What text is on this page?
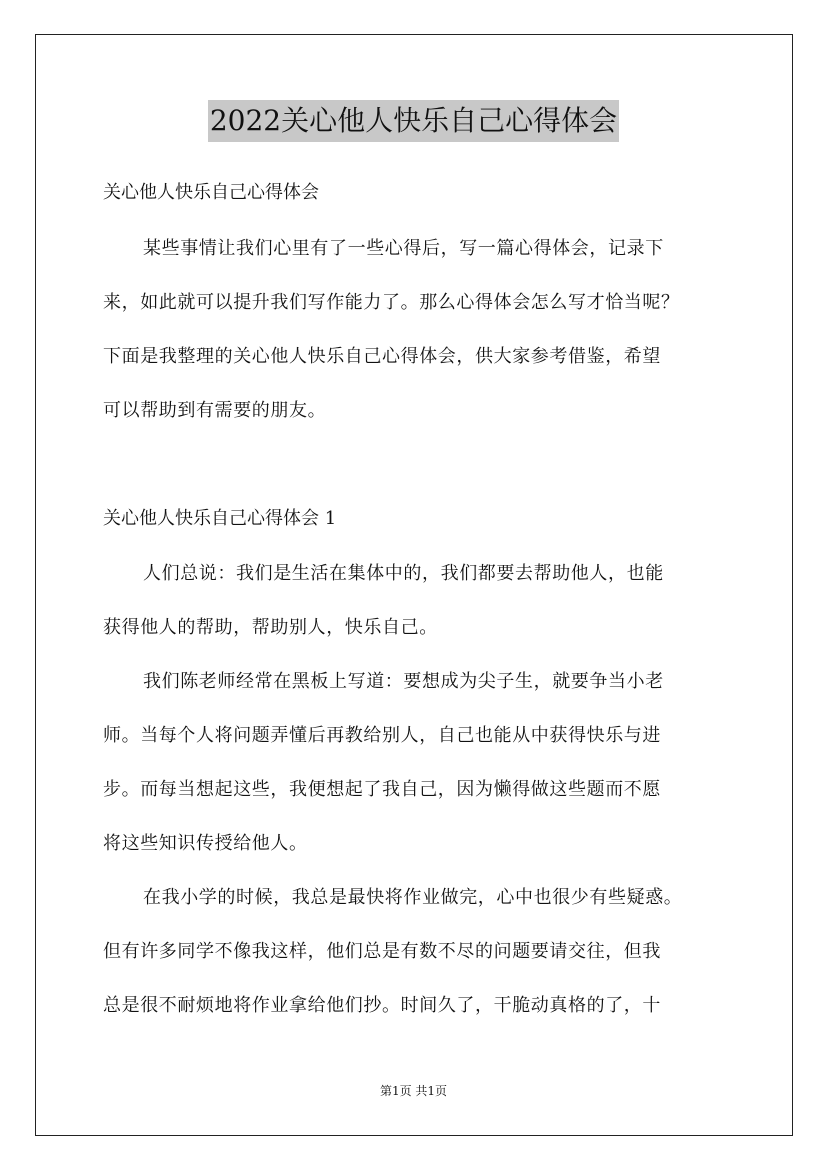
2022关心他人快乐自己心得体会

关心他人快乐自己心得体会

某些事情让我们心里有了一些心得后，写一篇心得体会，记录下
来，如此就可以提升我们写作能力了。那么心得体会怎么写才恰当呢？
下面是我整理的关心他人快乐自己心得体会，供大家参考借鉴，希望
可以帮助到有需要的朋友。

关心他人快乐自己心得体会 1

人们总说：我们是生活在集体中的，我们都要去帮助他人，也能
获得他人的帮助，帮助别人，快乐自己。
我们陈老师经常在黑板上写道：要想成为尖子生，就要争当小老
师。当每个人将问题弄懂后再教给别人，自己也能从中获得快乐与进
步。而每当想起这些，我便想起了我自己，因为懒得做这些题而不愿
将这些知识传授给他人。
在我小学的时候，我总是最快将作业做完，心中也很少有些疑惑。
但有许多同学不像我这样，他们总是有数不尽的问题要请交往，但我
总是很不耐烦地将作业拿给他们抄。时间久了，干脆动真格的了，十
第1页 共1页
